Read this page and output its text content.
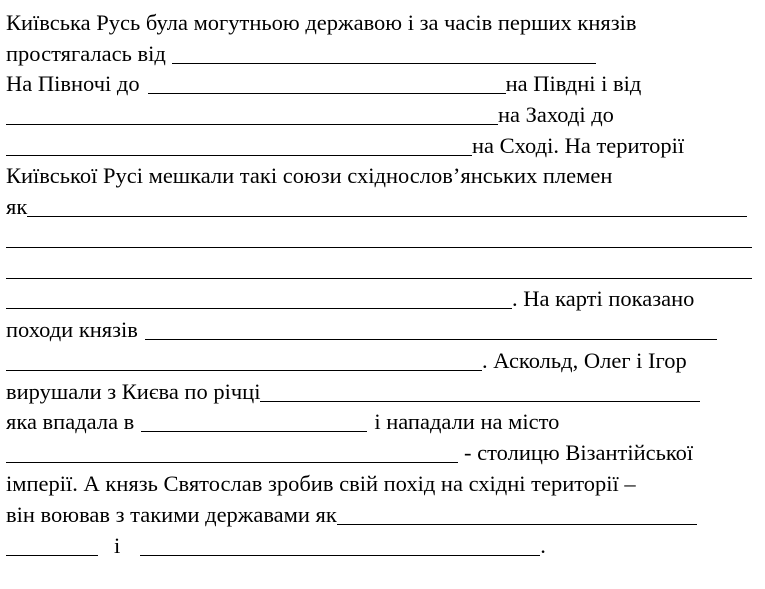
Київська Русь була могутньою державою і за часів перших князів
простягалась від
На Півночі до	на Півдні і від
на Заході до
на Сході. На території
Київської Русі мешкали такі союзи східнослов’янських племен
як
. На карті показано
походи князів
. Аскольд, Олег і Ігор
вирушали з Києва по річці
яка впадала в	і нападали на місто
- столицю Візантійської
імперії. А князь Святослав зробив свій похід на східні території –
він воював з такими державами як
і	.
